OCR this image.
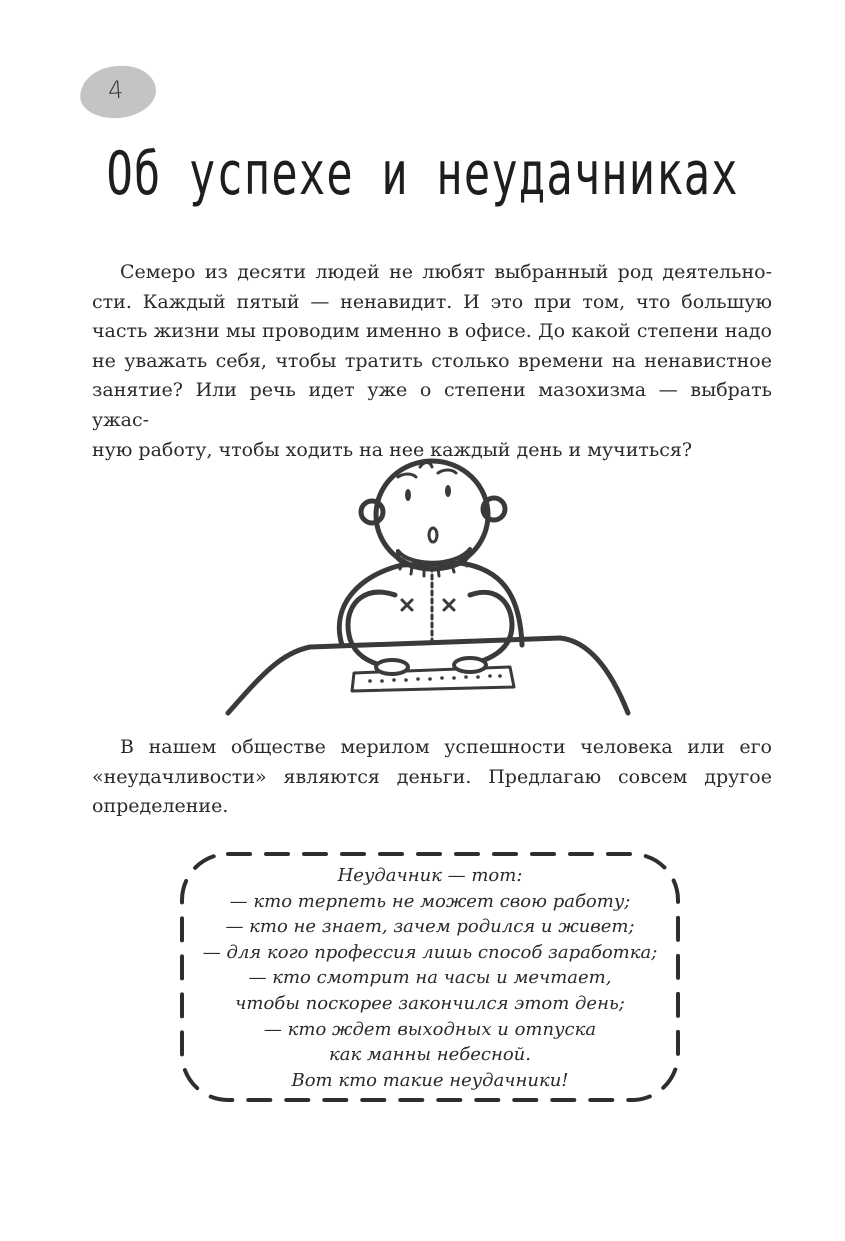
4
Об успехе и неудачниках

Семеро из десяти людей не любят выбранный род деятельно-
сти. Каждый пятый — ненавидит. И это при том, что большую
часть жизни мы проводим именно в офисе. До какой степени надо
не уважать себя, чтобы тратить столько времени на ненавистное
занятие? Или речь идет уже о степени мазохизма — выбрать ужас-
ную работу, чтобы ходить на нее каждый день и мучиться?

В нашем обществе мерилом успешности человека или его
«неудачливости» являются деньги. Предлагаю совсем другое
определение.

Неудачник — тот:
— кто терпеть не может свою работу;
— кто не знает, зачем родился и живет;
— для кого профессия лишь способ заработка;
— кто смотрит на часы и мечтает,
чтобы поскорее закончился этот день;
— кто ждет выходных и отпуска
как манны небесной.
Вот кто такие неудачники!
